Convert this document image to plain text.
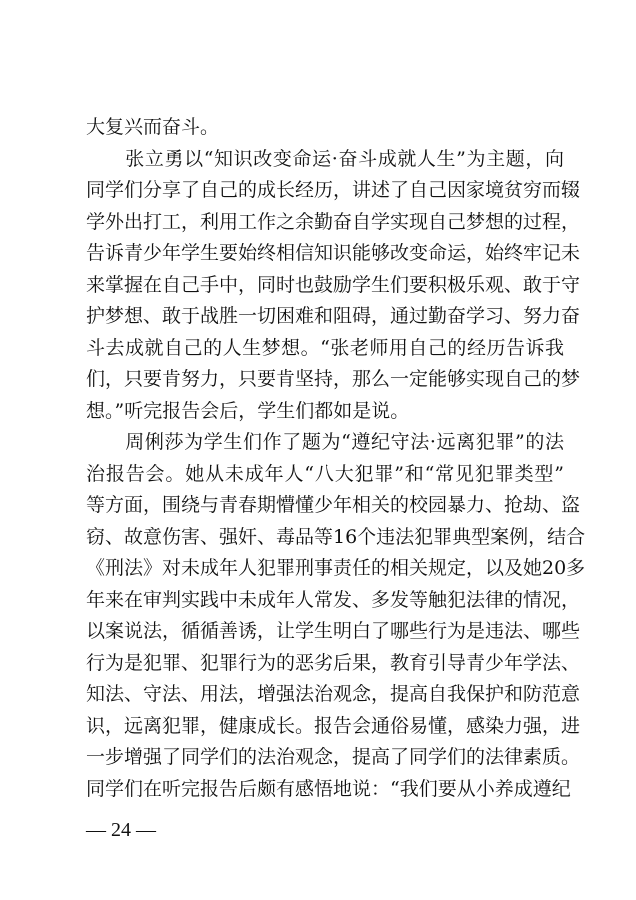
大复兴而奋斗。
　　张立勇以“知识改变命运·奋斗成就人生”为主题，向
同学们分享了自己的成长经历，讲述了自己因家境贫穷而辍
学外出打工，利用工作之余勤奋自学实现自己梦想的过程，
告诉青少年学生要始终相信知识能够改变命运，始终牢记未
来掌握在自己手中，同时也鼓励学生们要积极乐观、敢于守
护梦想、敢于战胜一切困难和阻碍，通过勤奋学习、努力奋
斗去成就自己的人生梦想。“张老师用自己的经历告诉我
们，只要肯努力，只要肯坚持，那么一定能够实现自己的梦
想。”听完报告会后，学生们都如是说。
　　周俐莎为学生们作了题为“遵纪守法·远离犯罪”的法
治报告会。她从未成年人“八大犯罪”和“常见犯罪类型”
等方面，围绕与青春期懵懂少年相关的校园暴力、抢劫、盗
窃、故意伤害、强奸、毒品等16个违法犯罪典型案例，结合
《刑法》对未成年人犯罪刑事责任的相关规定，以及她20多
年来在审判实践中未成年人常发、多发等触犯法律的情况，
以案说法，循循善诱，让学生明白了哪些行为是违法、哪些
行为是犯罪、犯罪行为的恶劣后果，教育引导青少年学法、
知法、守法、用法，增强法治观念，提高自我保护和防范意
识，远离犯罪，健康成长。报告会通俗易懂，感染力强，进
一步增强了同学们的法治观念，提高了同学们的法律素质。
同学们在听完报告后颇有感悟地说：“我们要从小养成遵纪
— 24 —
